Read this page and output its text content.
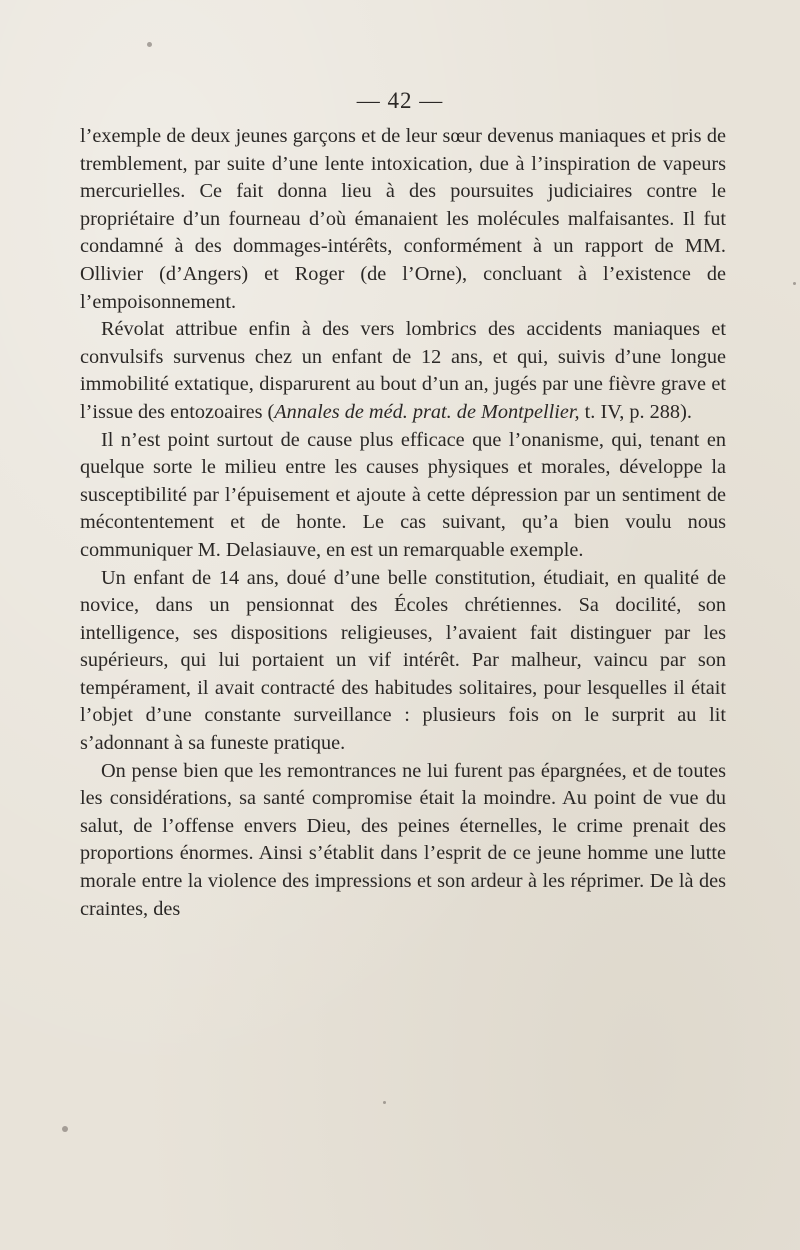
— 42 —

l’exemple de deux jeunes garçons et de leur sœur devenus maniaques et pris de tremblement, par suite d’une lente intoxication, due à l’inspiration de vapeurs mercurielles. Ce fait donna lieu à des poursuites judiciaires contre le propriétaire d’un fourneau d’où émanaient les molécules malfaisantes. Il fut condamné à des dommages-intérêts, conformément à un rapport de MM. Ollivier (d’Angers) et Roger (de l’Orne), concluant à l’existence de l’empoisonnement.

Révolat attribue enfin à des vers lombrics des accidents maniaques et convulsifs survenus chez un enfant de 12 ans, et qui, suivis d’une longue immobilité extatique, disparurent au bout d’un an, jugés par une fièvre grave et l’issue des entozoaires (Annales de méd. prat. de Montpellier, t. IV, p. 288).

Il n’est point surtout de cause plus efficace que l’onanisme, qui, tenant en quelque sorte le milieu entre les causes physiques et morales, développe la susceptibilité par l’épuisement et ajoute à cette dépression par un sentiment de mécontentement et de honte. Le cas suivant, qu’a bien voulu nous communiquer M. Delasiauve, en est un remarquable exemple.

Un enfant de 14 ans, doué d’une belle constitution, étudiait, en qualité de novice, dans un pensionnat des Écoles chrétiennes. Sa docilité, son intelligence, ses dispositions religieuses, l’avaient fait distinguer par les supérieurs, qui lui portaient un vif intérêt. Par malheur, vaincu par son tempérament, il avait contracté des habitudes solitaires, pour lesquelles il était l’objet d’une constante surveillance : plusieurs fois on le surprit au lit s’adonnant à sa funeste pratique.

On pense bien que les remontrances ne lui furent pas épargnées, et de toutes les considérations, sa santé compromise était la moindre. Au point de vue du salut, de l’offense envers Dieu, des peines éternelles, le crime prenait des proportions énormes. Ainsi s’établit dans l’esprit de ce jeune homme une lutte morale entre la violence des impressions et son ardeur à les réprimer. De là des craintes, des
